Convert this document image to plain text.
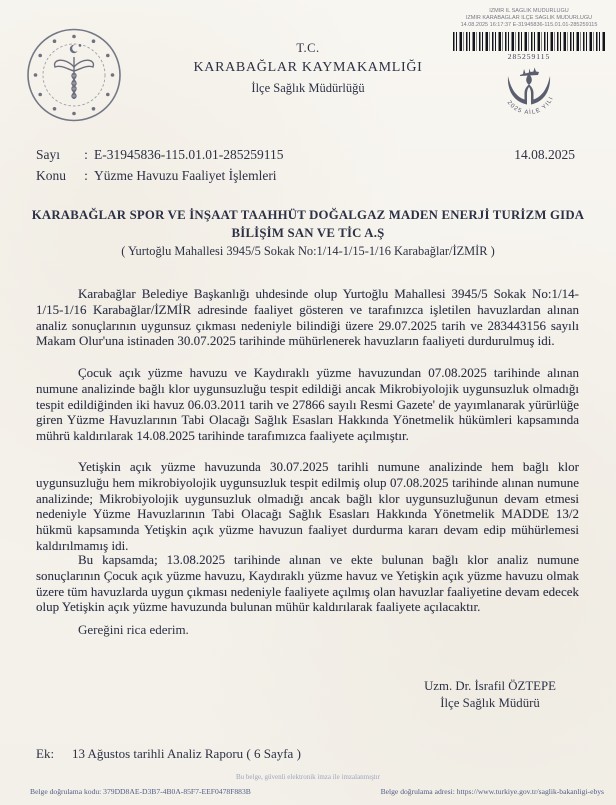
T.C.
KARABAĞLAR KAYMAKAMLIĞI
İlçe Sağlık Müdürlüğü
İZMİR İL SAĞLIK MÜDÜRLÜĞÜ
İZMİR KARABAĞLAR İLÇE SAĞLIK MÜDÜRLÜĞÜ
14.08.2025 16:17:37 E-31945836-115.01.01-285259115
285259115
2025 AİLE YILI
Sayı	: E-31945836-115.01.01-285259115	14.08.2025
Konu	: Yüzme Havuzu Faaliyet İşlemleri
KARABAĞLAR SPOR VE İNŞAAT TAAHHÜT DOĞALGAZ MADEN ENERJİ TURİZM GIDA
BİLİŞİM SAN VE TİC A.Ş
( Yurtoğlu Mahallesi 3945/5 Sokak No:1/14-1/15-1/16 Karabağlar/İZMİR )
Karabağlar Belediye Başkanlığı uhdesinde olup Yurtoğlu Mahallesi 3945/5 Sokak No:1/14-1/15-1/16 Karabağlar/İZMİR adresinde faaliyet gösteren ve tarafınızca işletilen havuzlardan alınan analiz sonuçlarının uygunsuz çıkması nedeniyle bilindiği üzere 29.07.2025 tarih ve 283443156 sayılı Makam Olur'una istinaden 30.07.2025 tarihinde mühürlenerek havuzların faaliyeti durdurulmuş idi.
Çocuk açık yüzme havuzu ve Kaydıraklı yüzme havuzundan 07.08.2025 tarihinde alınan numune analizinde bağlı klor uygunsuzluğu tespit edildiği ancak Mikrobiyolojik uygunsuzluk olmadığı tespit edildiğinden iki havuz 06.03.2011 tarih ve 27866 sayılı Resmi Gazete' de yayımlanarak yürürlüğe giren Yüzme Havuzlarının Tabi Olacağı Sağlık Esasları Hakkında Yönetmelik hükümleri kapsamında mührü kaldırılarak 14.08.2025 tarihinde tarafımızca faaliyete açılmıştır.
Yetişkin açık yüzme havuzunda 30.07.2025 tarihli numune analizinde hem bağlı klor uygunsuzluğu hem mikrobiyolojik uygunsuzluk tespit edilmiş olup 07.08.2025 tarihinde alınan numune analizinde; Mikrobiyolojik uygunsuzluk olmadığı ancak bağlı klor uygunsuzluğunun devam etmesi nedeniyle Yüzme Havuzlarının Tabi Olacağı Sağlık Esasları Hakkında Yönetmelik MADDE 13/2 hükmü kapsamında Yetişkin açık yüzme havuzun faaliyet durdurma kararı devam edip mühürlemesi kaldırılmamış idi.
Bu kapsamda; 13.08.2025 tarihinde alınan ve ekte bulunan bağlı klor analiz numune sonuçlarının Çocuk açık yüzme havuzu, Kaydıraklı yüzme havuz ve Yetişkin açık yüzme havuzu olmak üzere tüm havuzlarda uygun çıkması nedeniyle faaliyete açılmış olan havuzlar faaliyetine devam edecek olup Yetişkin açık yüzme havuzunda bulunan mühür kaldırılarak faaliyete açılacaktır.
Gereğini rica ederim.
Uzm. Dr. İsrafil ÖZTEPE
İlçe Sağlık Müdürü
Ek:	13 Ağustos tarihli Analiz Raporu ( 6 Sayfa )
Bu belge, güvenli elektronik imza ile imzalanmıştır
Belge doğrulama kodu: 379DD8AE-D3B7-4B0A-85F7-EEF0478F883B	Belge doğrulama adresi: https://www.turkiye.gov.tr/saglik-bakanligi-ebys
